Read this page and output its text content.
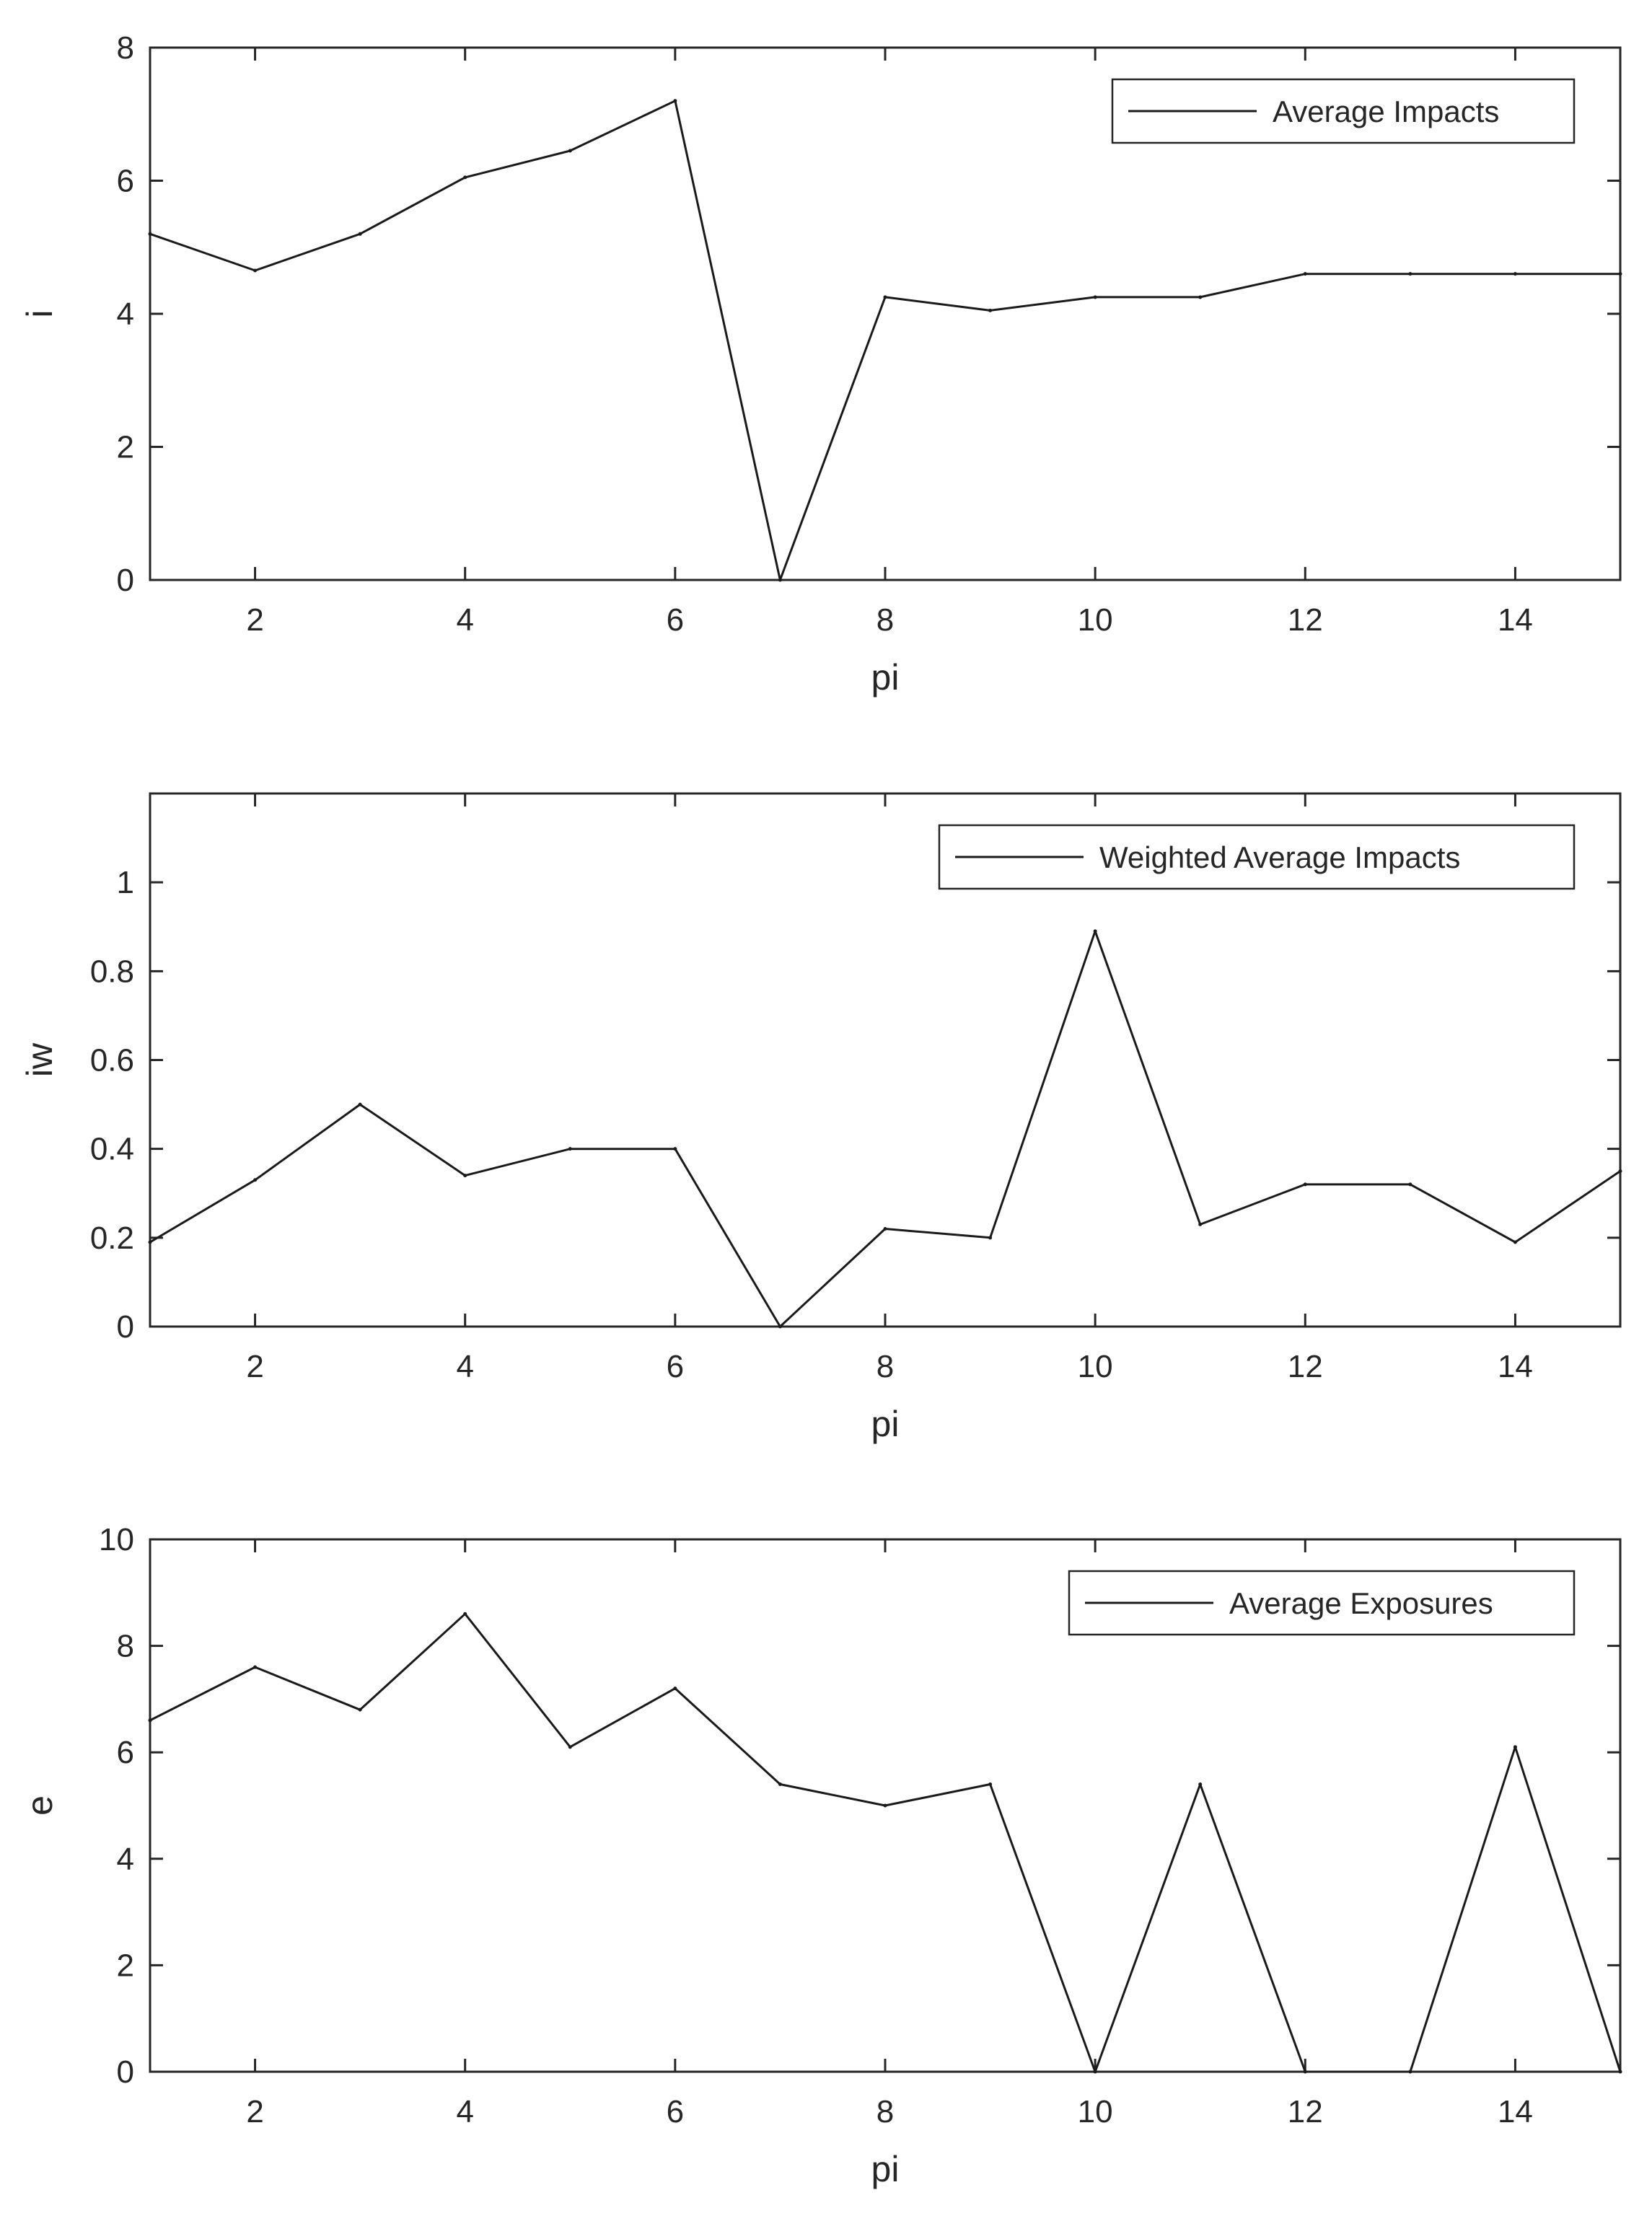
2	4	6	8	10	12	14
0
2
4
6
8
pi
i
Average Impacts
2	4	6	8	10	12	14
0
0.2
0.4
0.6
0.8
1
pi
iw
Weighted Average Impacts
2	4	6	8	10	12	14
0
2
4
6
8
10
pi
e
Average Exposures
